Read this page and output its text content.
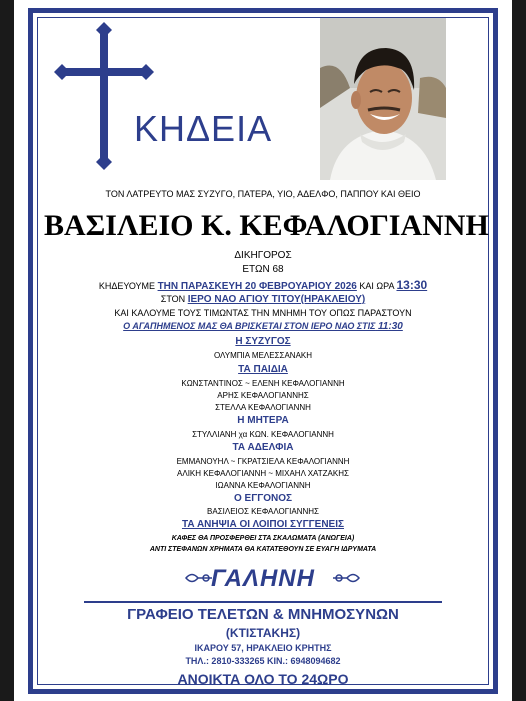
ΚΗΔΕΙΑ
ΤΟΝ ΛΑΤΡΕΥΤΟ ΜΑΣ ΣΥΖΥΓΟ, ΠΑΤΕΡΑ, ΥΙΟ, ΑΔΕΛΦΟ, ΠΑΠΠΟΥ ΚΑΙ ΘΕΙΟ
ΒΑΣΙΛΕΙΟ Κ. ΚΕΦΑΛΟΓΙΑΝΝΗ
ΔΙΚΗΓΟΡΟΣ
ΕΤΩΝ 68
ΚΗΔΕΥΟΥΜΕ ΤΗΝ ΠΑΡΑΣΚΕΥΗ 20 ΦΕΒΡΟΥΑΡΙΟΥ 2026 ΚΑΙ ΩΡΑ 13:30
ΣΤΟΝ ΙΕΡΟ ΝΑΟ ΑΓΙΟΥ ΤΙΤΟΥ(ΗΡΑΚΛΕΙΟΥ)
ΚΑΙ ΚΑΛΟΥΜΕ ΤΟΥΣ ΤΙΜΩΝΤΑΣ ΤΗΝ ΜΝΗΜΗ ΤΟΥ ΟΠΩΣ ΠΑΡΑΣΤΟΥΝ
Ο ΑΓΑΠΗΜΕΝΟΣ ΜΑΣ ΘΑ ΒΡΙΣΚΕΤΑΙ ΣΤΟΝ ΙΕΡΟ ΝΑΟ ΣΤΙΣ 11:30
Η ΣΥΖΥΓΟΣ
ΟΛΥΜΠΙΑ ΜΕΛΕΣΣΑΝΑΚΗ
ΤΑ ΠΑΙΔΙΑ
ΚΩΝΣΤΑΝΤΙΝΟΣ ~ ΕΛΕΝΗ ΚΕΦΑΛΟΓΙΑΝΝΗ
ΑΡΗΣ ΚΕΦΑΛΟΓΙΑΝΝΗΣ
ΣΤΕΛΛΑ ΚΕΦΑΛΟΓΙΑΝΝΗ
Η ΜΗΤΕΡΑ
ΣΤΥΛΛΙΑΝΗ χα ΚΩΝ. ΚΕΦΑΛΟΓΙΑΝΝΗ
ΤΑ ΑΔΕΛΦΙΑ
ΕΜΜΑΝΟΥΗΛ ~ ΓΚΡΑΤΣΙΕΛΑ ΚΕΦΑΛΟΓΙΑΝΝΗ
ΑΛΙΚΗ ΚΕΦΑΛΟΓΙΑΝΝΗ ~ ΜΙΧΑΗΛ ΧΑΤΖΑΚΗΣ
ΙΩΑΝΝΑ ΚΕΦΑΛΟΓΙΑΝΝΗ
Ο ΕΓΓΟΝΟΣ
ΒΑΣΙΛΕΙΟΣ ΚΕΦΑΛΟΓΙΑΝΝΗΣ
ΤΑ ΑΝΗΨΙΑ ΟΙ ΛΟΙΠΟΙ ΣΥΓΓΕΝΕΙΣ
ΚΑΦΕΣ ΘΑ ΠΡΟΣΦΕΡΘΕΙ ΣΤΑ ΣΚΑΛΩΜΑΤΑ (ΑΝΩΓΕΙΑ)
ΑΝΤΙ ΣΤΕΦΑΝΩΝ ΧΡΗΜΑΤΑ ΘΑ ΚΑΤΑΤΕΘΟΥΝ ΣΕ ΕΥΑΓΗ ΙΔΡΥΜΑΤΑ
ΓΑΛΗΝΗ
ΓΡΑΦΕΙΟ ΤΕΛΕΤΩΝ & ΜΝΗΜΟΣΥΝΩΝ
(ΚΤΙΣΤΑΚΗΣ)
ΙΚΑΡΟΥ 57, ΗΡΑΚΛΕΙΟ ΚΡΗΤΗΣ
ΤΗΛ.: 2810-333265 ΚΙΝ.: 6948094682
ΑΝΟΙΚΤΑ ΟΛΟ ΤΟ 24ΩΡΟ
